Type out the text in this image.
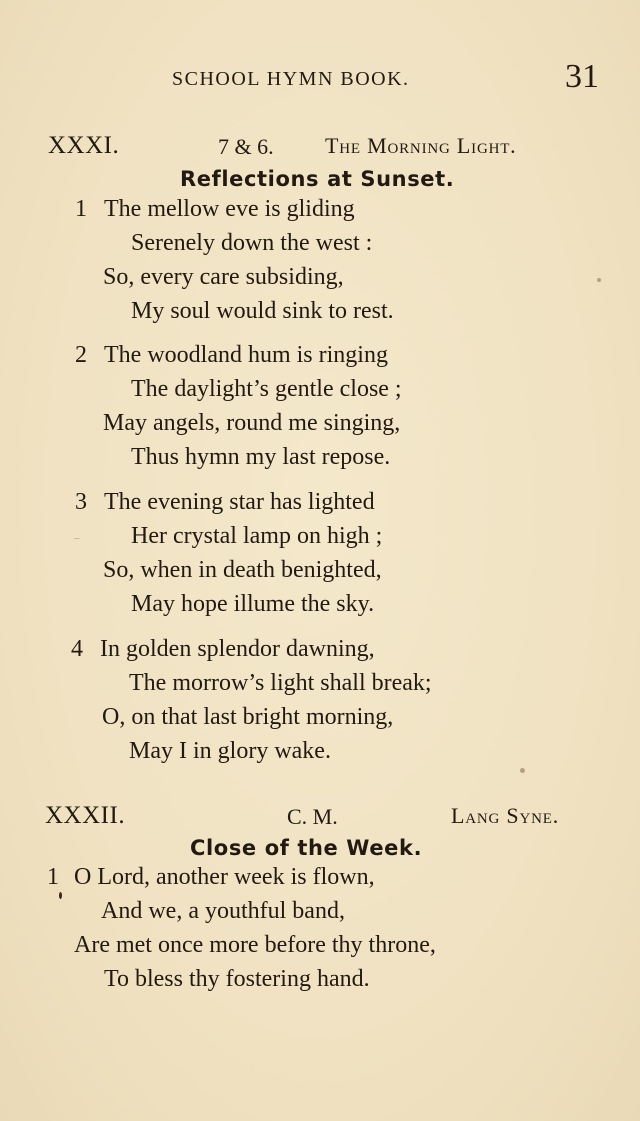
SCHOOL HYMN BOOK.	31
XXXI.	7 & 6. The Morning Light.
Reflections at Sunset.
1 The mellow eve is gliding
Serenely down the west :
So, every care subsiding,
My soul would sink to rest.
2 The woodland hum is ringing
The daylight’s gentle close ;
May angels, round me singing,
Thus hymn my last repose.
3 The evening star has lighted
Her crystal lamp on high ;
So, when in death benighted,
May hope illume the sky.
4 In golden splendor dawning,
The morrow’s light shall break;
O, on that last bright morning,
May I in glory wake.
XXXII.	C. M.	Lang Syne.
Close of the Week.
1 O Lord, another week is flown,
And we, a youthful band,
Are met once more before thy throne,
To bless thy fostering hand.
